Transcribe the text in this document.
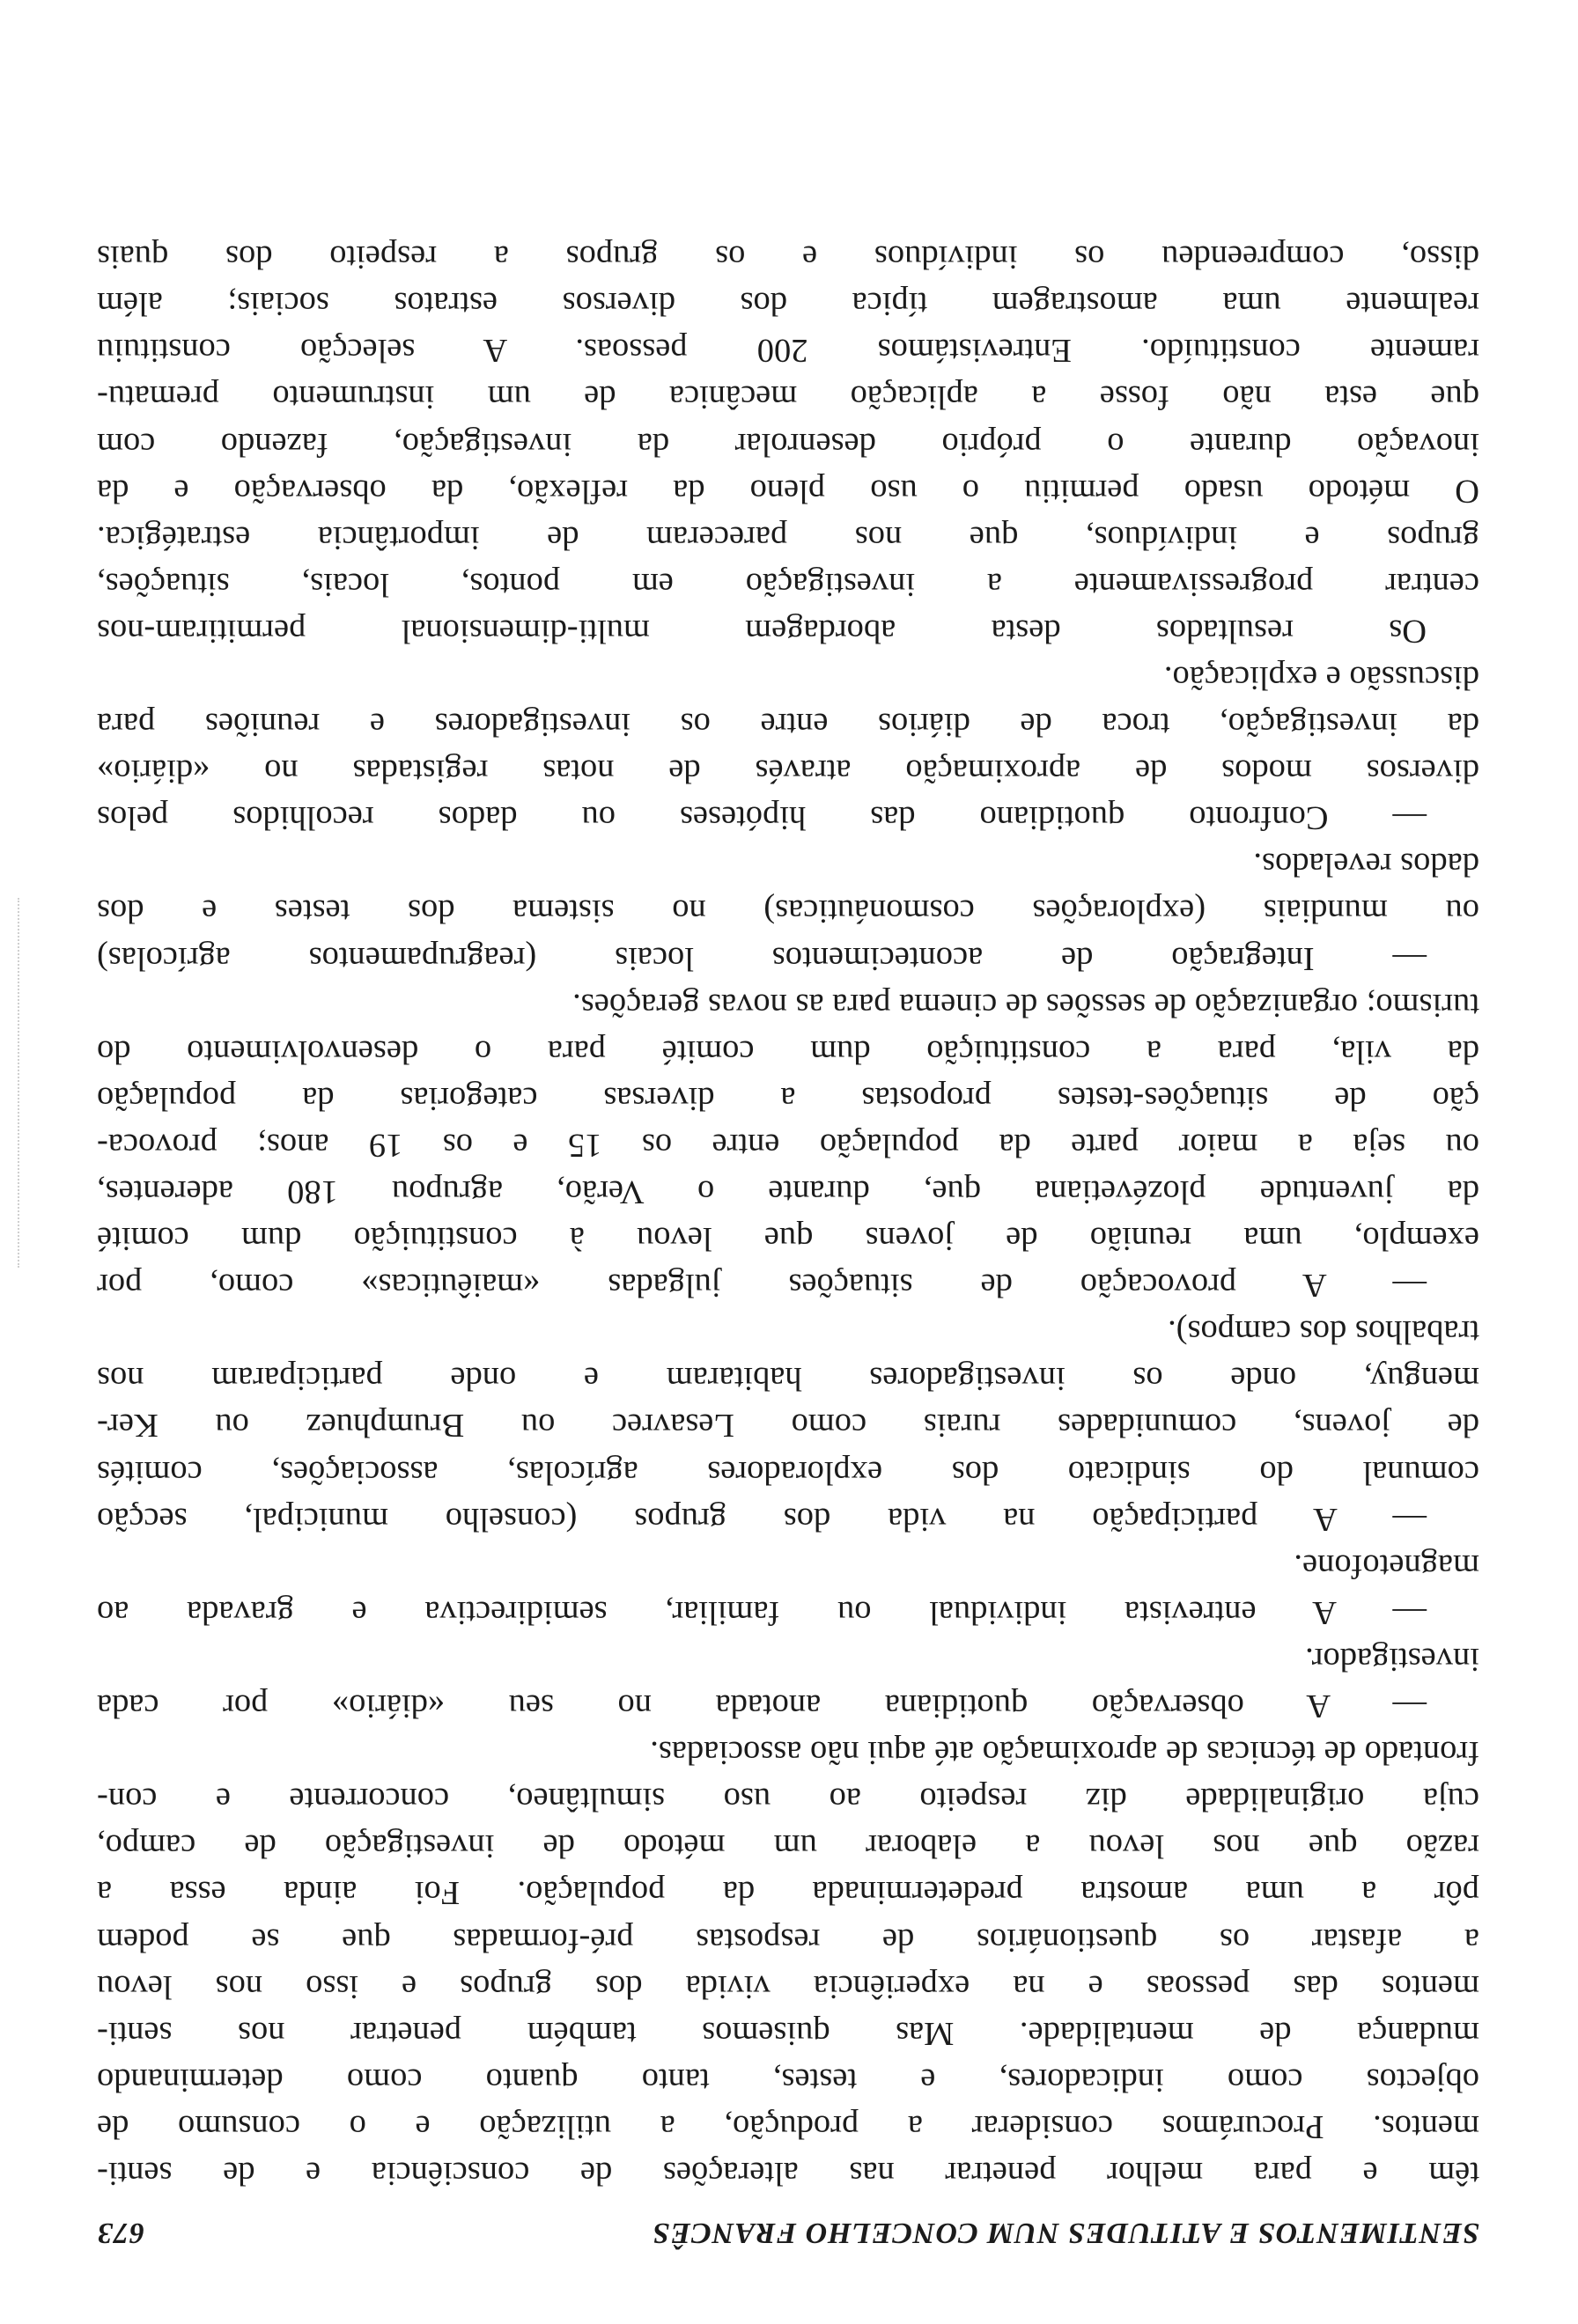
SENTIMENTOS E ATITUDES NUM CONCELHO FRANCÊS
673
têm e para melhor penetrar nas alterações de consciência e de senti-
mentos. Procurámos considerar a produção, a utilização e o consumo de
objectos como indicadores, e testes, tanto quanto como determinando
mudança de mentalidade. Mas quisemos também penetrar nos senti-
mentos das pessoas e na experiência vivida dos grupos e isso nos levou
a afastar os questionários de respostas pré-formadas que se podem
pôr a uma amostra predeterminada da população. Foi ainda essa a
razão que nos levou a elaborar um método de investigação de campo,
cuja originalidade diz respeito ao uso simultâneo, concorrente e con-
frontado de técnicas de aproximação até aqui não associadas.
— A observação quotidiana anotada no seu «diário» por cada
investigador.
— A entrevista individual ou familiar, semidirectiva e gravada ao
magnetofone.
— A participação na vida dos grupos (conselho municipal, secção
comunal do sindicato dos exploradores agrícolas, associações, comités
de jovens, comunidades rurais como Lesavrec ou Brumphuez ou Ker-
menguy, onde os investigadores habitaram e onde participaram nos
trabalhos dos campos).
— A provocação de situações julgadas «maiêuticas» como, por
exemplo, uma reunião de jovens que levou à constituição dum comité
da juventude plozévetiana que, durante o Verão, agrupou 180 aderentes,
ou seja a maior parte da população entre os 15 e os 19 anos; provoca-
ção de situações-testes propostas a diversas categorias da população
da vila, para a constituição dum comité para o desenvolvimento do
turismo; organização de sessões de cinema para as novas gerações.
— Integração de acontecimentos locais (reagrupamentos agrícolas)
ou mundiais (explorações cosmonáuticas) no sistema dos testes e dos
dados revelados.
— Confronto quotidiano das hipóteses ou dados recolhidos pelos
diversos modos de aproximação através de notas registadas no «diário»
da investigação, troca de diários entre os investigadores e reuniões para
discussão e explicação.
Os resultados desta abordagem multi-dimensional permitiram-nos
centrar progressivamente a investigação em pontos, locais, situações,
grupos e indivíduos, que nos pareceram de importância estratégica.
O método usado permitiu o uso pleno da reflexão, da observação e da
inovação durante o próprio desenrolar da investigação, fazendo com
que esta não fosse a aplicação mecânica de um instrumento prematu-
ramente constituído. Entrevistámos 200 pessoas. A selecção constituiu
realmente uma amostragem típica dos diversos estratos sociais; além
disso, compreendeu os indivíduos e os grupos a respeito dos quais
